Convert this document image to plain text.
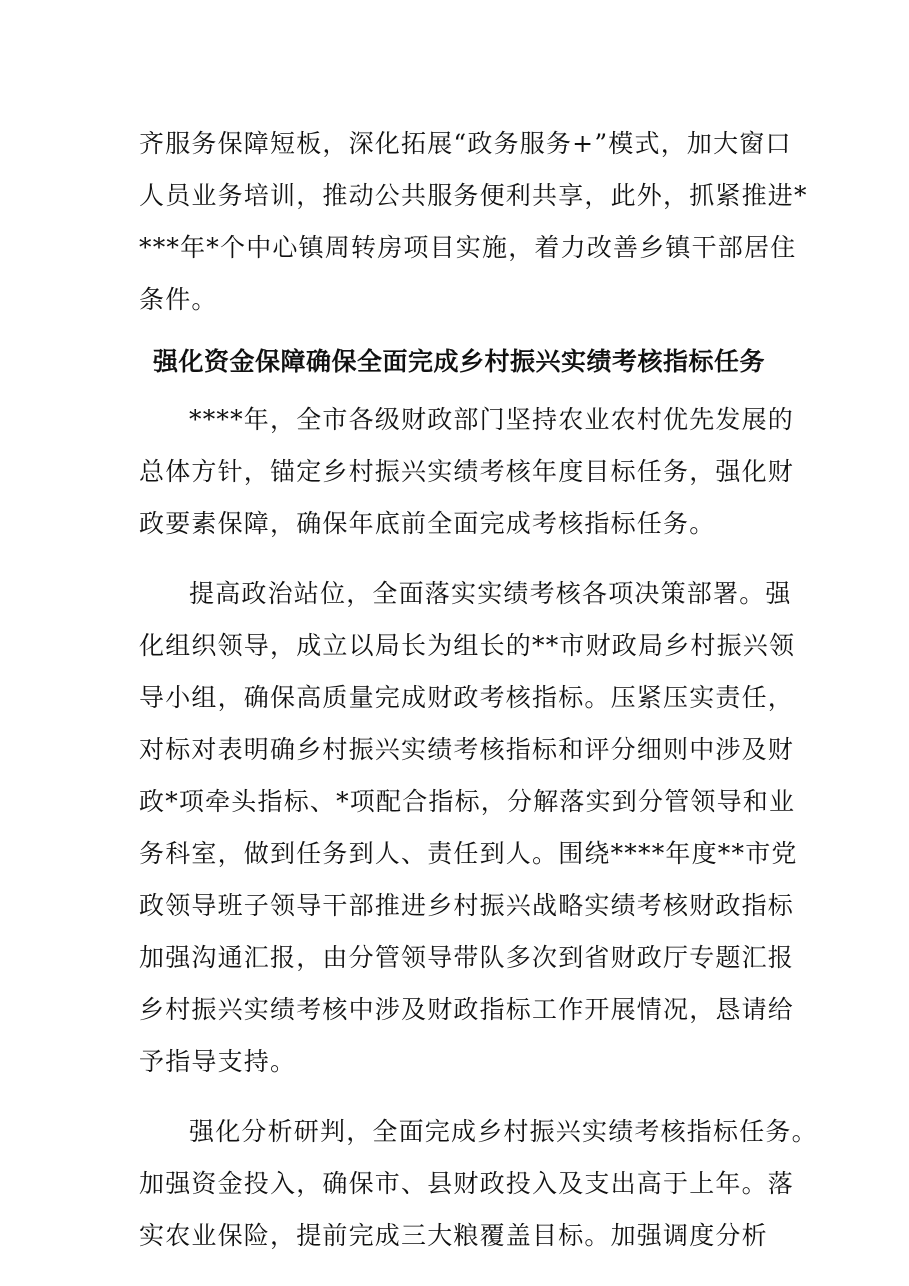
齐服务保障短板，深化拓展“政务服务+”模式，加大窗口
人员业务培训，推动公共服务便利共享，此外，抓紧推进*
***年*个中心镇周转房项目实施，着力改善乡镇干部居住
条件。
强化资金保障确保全面完成乡村振兴实绩考核指标任务
****年，全市各级财政部门坚持农业农村优先发展的
总体方针，锚定乡村振兴实绩考核年度目标任务，强化财
政要素保障，确保年底前全面完成考核指标任务。
提高政治站位，全面落实实绩考核各项决策部署。强
化组织领导，成立以局长为组长的**市财政局乡村振兴领
导小组，确保高质量完成财政考核指标。压紧压实责任，
对标对表明确乡村振兴实绩考核指标和评分细则中涉及财
政*项牵头指标、*项配合指标，分解落实到分管领导和业
务科室，做到任务到人、责任到人。围绕****年度**市党
政领导班子领导干部推进乡村振兴战略实绩考核财政指标
加强沟通汇报，由分管领导带队多次到省财政厅专题汇报
乡村振兴实绩考核中涉及财政指标工作开展情况，恳请给
予指导支持。
强化分析研判，全面完成乡村振兴实绩考核指标任务。
加强资金投入，确保市、县财政投入及支出高于上年。落
实农业保险，提前完成三大粮覆盖目标。加强调度分析
